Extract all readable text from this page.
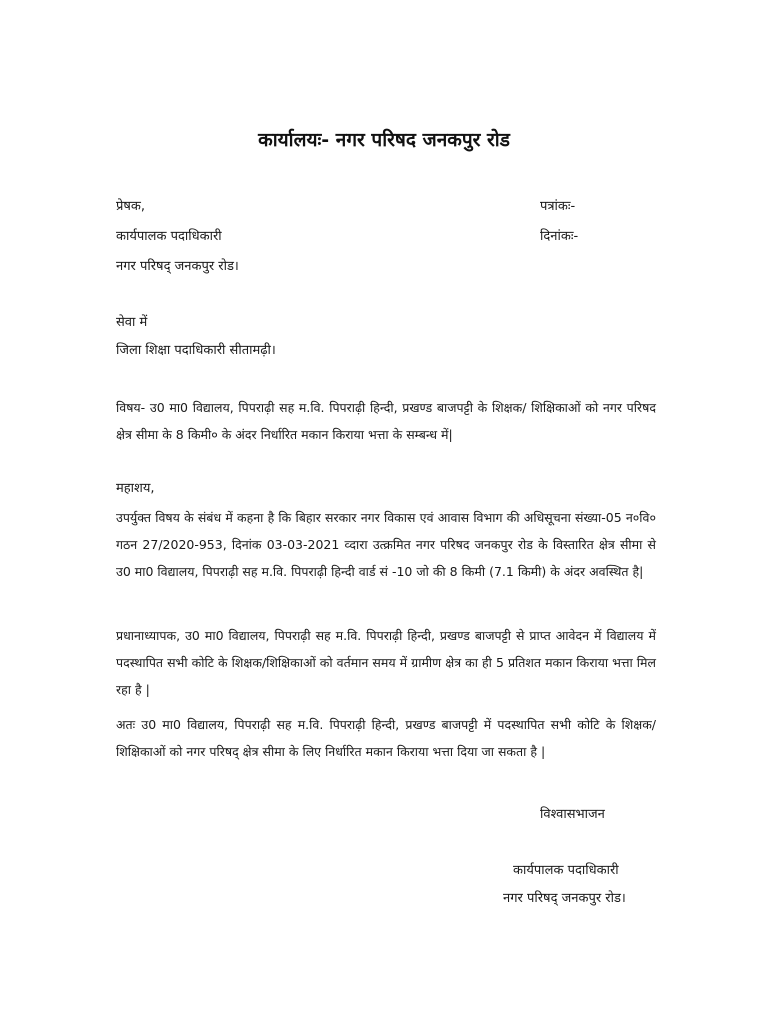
कार्यालयः- नगर परिषद जनकपुर रोड
प्रेषक,
कार्यपालक पदाधिकारी
नगर परिषद् जनकपुर रोड।
पत्रांकः-
दिनांकः-
सेवा में
जिला शिक्षा पदाधिकारी सीतामढ़ी।
विषय- उ0 मा0 विद्यालय, पिपराढ़ी सह म.वि. पिपराढ़ी हिन्दी, प्रखण्ड बाजपट्टी के शिक्षक/ शिक्षिकाओं को नगर परिषद क्षेत्र सीमा के 8 किमी० के अंदर निर्धारित मकान किराया भत्ता के सम्बन्ध में|
महाशय,
उपर्युक्त विषय के संबंध में कहना है कि बिहार सरकार नगर विकास एवं आवास विभाग की अधिसूचना संख्या-05 न०वि० गठन 27/2020-953, दिनांक 03-03-2021 व्दारा उत्क्रमित नगर परिषद जनकपुर रोड के विस्तारित क्षेत्र सीमा से उ0 मा0 विद्यालय, पिपराढ़ी सह म.वि. पिपराढ़ी हिन्दी वार्ड सं -10 जो की 8 किमी (7.1 किमी) के अंदर अवस्थित है|
प्रधानाध्यापक, उ0 मा0 विद्यालय, पिपराढ़ी सह म.वि. पिपराढ़ी हिन्दी, प्रखण्ड बाजपट्टी से प्राप्त आवेदन में विद्यालय में पदस्थापित सभी कोटि के शिक्षक/शिक्षिकाओं को वर्तमान समय में ग्रामीण क्षेत्र का ही 5 प्रतिशत मकान किराया भत्ता मिल रहा है |
अतः उ0 मा0 विद्यालय, पिपराढ़ी सह म.वि. पिपराढ़ी हिन्दी, प्रखण्ड बाजपट्टी में पदस्थापित सभी कोटि के शिक्षक/शिक्षिकाओं को नगर परिषद् क्षेत्र सीमा के लिए निर्धारित मकान किराया भत्ता दिया जा सकता है |
विश्वासभाजन
कार्यपालक पदाधिकारी
नगर परिषद् जनकपुर रोड।
